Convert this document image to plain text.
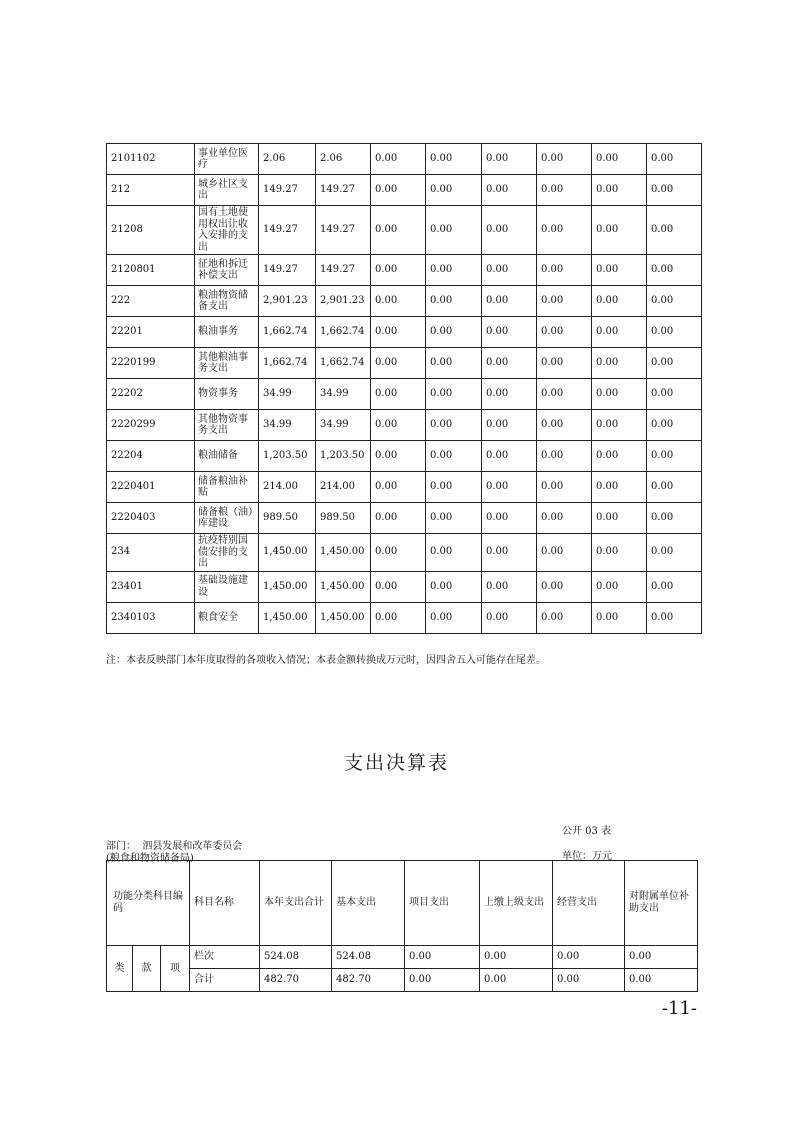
2101102	事业单位医疗	2.06	2.06	0.00	0.00	0.00	0.00	0.00	0.00
212	城乡社区支出	149.27	149.27	0.00	0.00	0.00	0.00	0.00	0.00
21208	国有土地使用权出让收入安排的支出	149.27	149.27	0.00	0.00	0.00	0.00	0.00	0.00
2120801	征地和拆迁补偿支出	149.27	149.27	0.00	0.00	0.00	0.00	0.00	0.00
222	粮油物资储备支出	2,901.23	2,901.23	0.00	0.00	0.00	0.00	0.00	0.00
22201	粮油事务	1,662.74	1,662.74	0.00	0.00	0.00	0.00	0.00	0.00
2220199	其他粮油事务支出	1,662.74	1,662.74	0.00	0.00	0.00	0.00	0.00	0.00
22202	物资事务	34.99	34.99	0.00	0.00	0.00	0.00	0.00	0.00
2220299	其他物资事务支出	34.99	34.99	0.00	0.00	0.00	0.00	0.00	0.00
22204	粮油储备	1,203.50	1,203.50	0.00	0.00	0.00	0.00	0.00	0.00
2220401	储备粮油补贴	214.00	214.00	0.00	0.00	0.00	0.00	0.00	0.00
2220403	储备粮（油）库建设	989.50	989.50	0.00	0.00	0.00	0.00	0.00	0.00
234	抗疫特别国债安排的支出	1,450.00	1,450.00	0.00	0.00	0.00	0.00	0.00	0.00
23401	基础设施建设	1,450.00	1,450.00	0.00	0.00	0.00	0.00	0.00	0.00
2340103	粮食安全	1,450.00	1,450.00	0.00	0.00	0.00	0.00	0.00	0.00
注：本表反映部门本年度取得的各项收入情况；本表金额转换成万元时，因四舍五入可能存在尾差。
支出决算表
公开 03 表
部门： 泗县发展和改革委员会
(粮食和物资储备局)	单位：万元
功能分类科目编码			科目名称	本年支出合计	基本支出	项目支出	上缴上级支出	经营支出	对附属单位补助支出
类	款	项	栏次	524.08	524.08	0.00	0.00	0.00	0.00
			合计	482.70	482.70	0.00	0.00	0.00	0.00
-11-
